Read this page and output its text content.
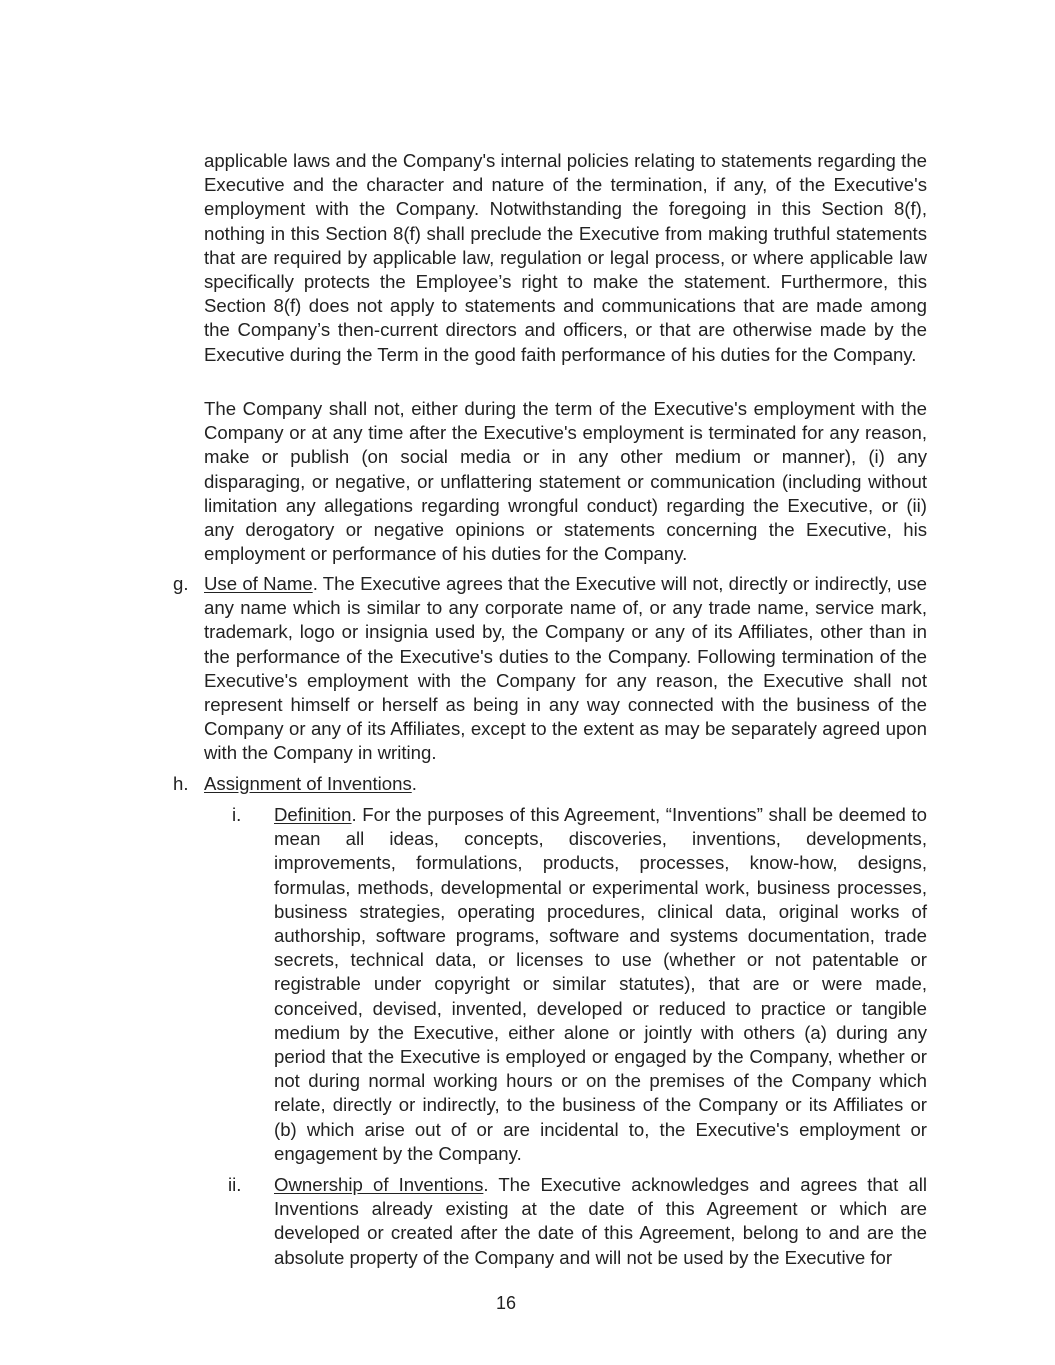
applicable laws and the Company's internal policies relating to statements regarding the Executive and the character and nature of the termination, if any, of the Executive's employment with the Company. Notwithstanding the foregoing in this Section 8(f), nothing in this Section 8(f) shall preclude the Executive from making truthful statements that are required by applicable law, regulation or legal process, or where applicable law specifically protects the Employee’s right to make the statement. Furthermore, this Section 8(f) does not apply to statements and communications that are made among the Company’s then-current directors and officers, or that are otherwise made by the Executive during the Term in the good faith performance of his duties for the Company.

The Company shall not, either during the term of the Executive's employment with the Company or at any time after the Executive's employment is terminated for any reason, make or publish (on social media or in any other medium or manner), (i) any disparaging, or negative, or unflattering statement or communication (including without limitation any allegations regarding wrongful conduct) regarding the Executive, or (ii) any derogatory or negative opinions or statements concerning the Executive, his employment or performance of his duties for the Company.

g. Use of Name. The Executive agrees that the Executive will not, directly or indirectly, use any name which is similar to any corporate name of, or any trade name, service mark, trademark, logo or insignia used by, the Company or any of its Affiliates, other than in the performance of the Executive's duties to the Company. Following termination of the Executive's employment with the Company for any reason, the Executive shall not represent himself or herself as being in any way connected with the business of the Company or any of its Affiliates, except to the extent as may be separately agreed upon with the Company in writing.

h. Assignment of Inventions.

i. Definition. For the purposes of this Agreement, “Inventions” shall be deemed to mean all ideas, concepts, discoveries, inventions, developments, improvements, formulations, products, processes, know-how, designs, formulas, methods, developmental or experimental work, business processes, business strategies, operating procedures, clinical data, original works of authorship, software programs, software and systems documentation, trade secrets, technical data, or licenses to use (whether or not patentable or registrable under copyright or similar statutes), that are or were made, conceived, devised, invented, developed or reduced to practice or tangible medium by the Executive, either alone or jointly with others (a) during any period that the Executive is employed or engaged by the Company, whether or not during normal working hours or on the premises of the Company which relate, directly or indirectly, to the business of the Company or its Affiliates or (b) which arise out of or are incidental to, the Executive's employment or engagement by the Company.

ii. Ownership of Inventions. The Executive acknowledges and agrees that all Inventions already existing at the date of this Agreement or which are developed or created after the date of this Agreement, belong to and are the absolute property of the Company and will not be used by the Executive for

16
